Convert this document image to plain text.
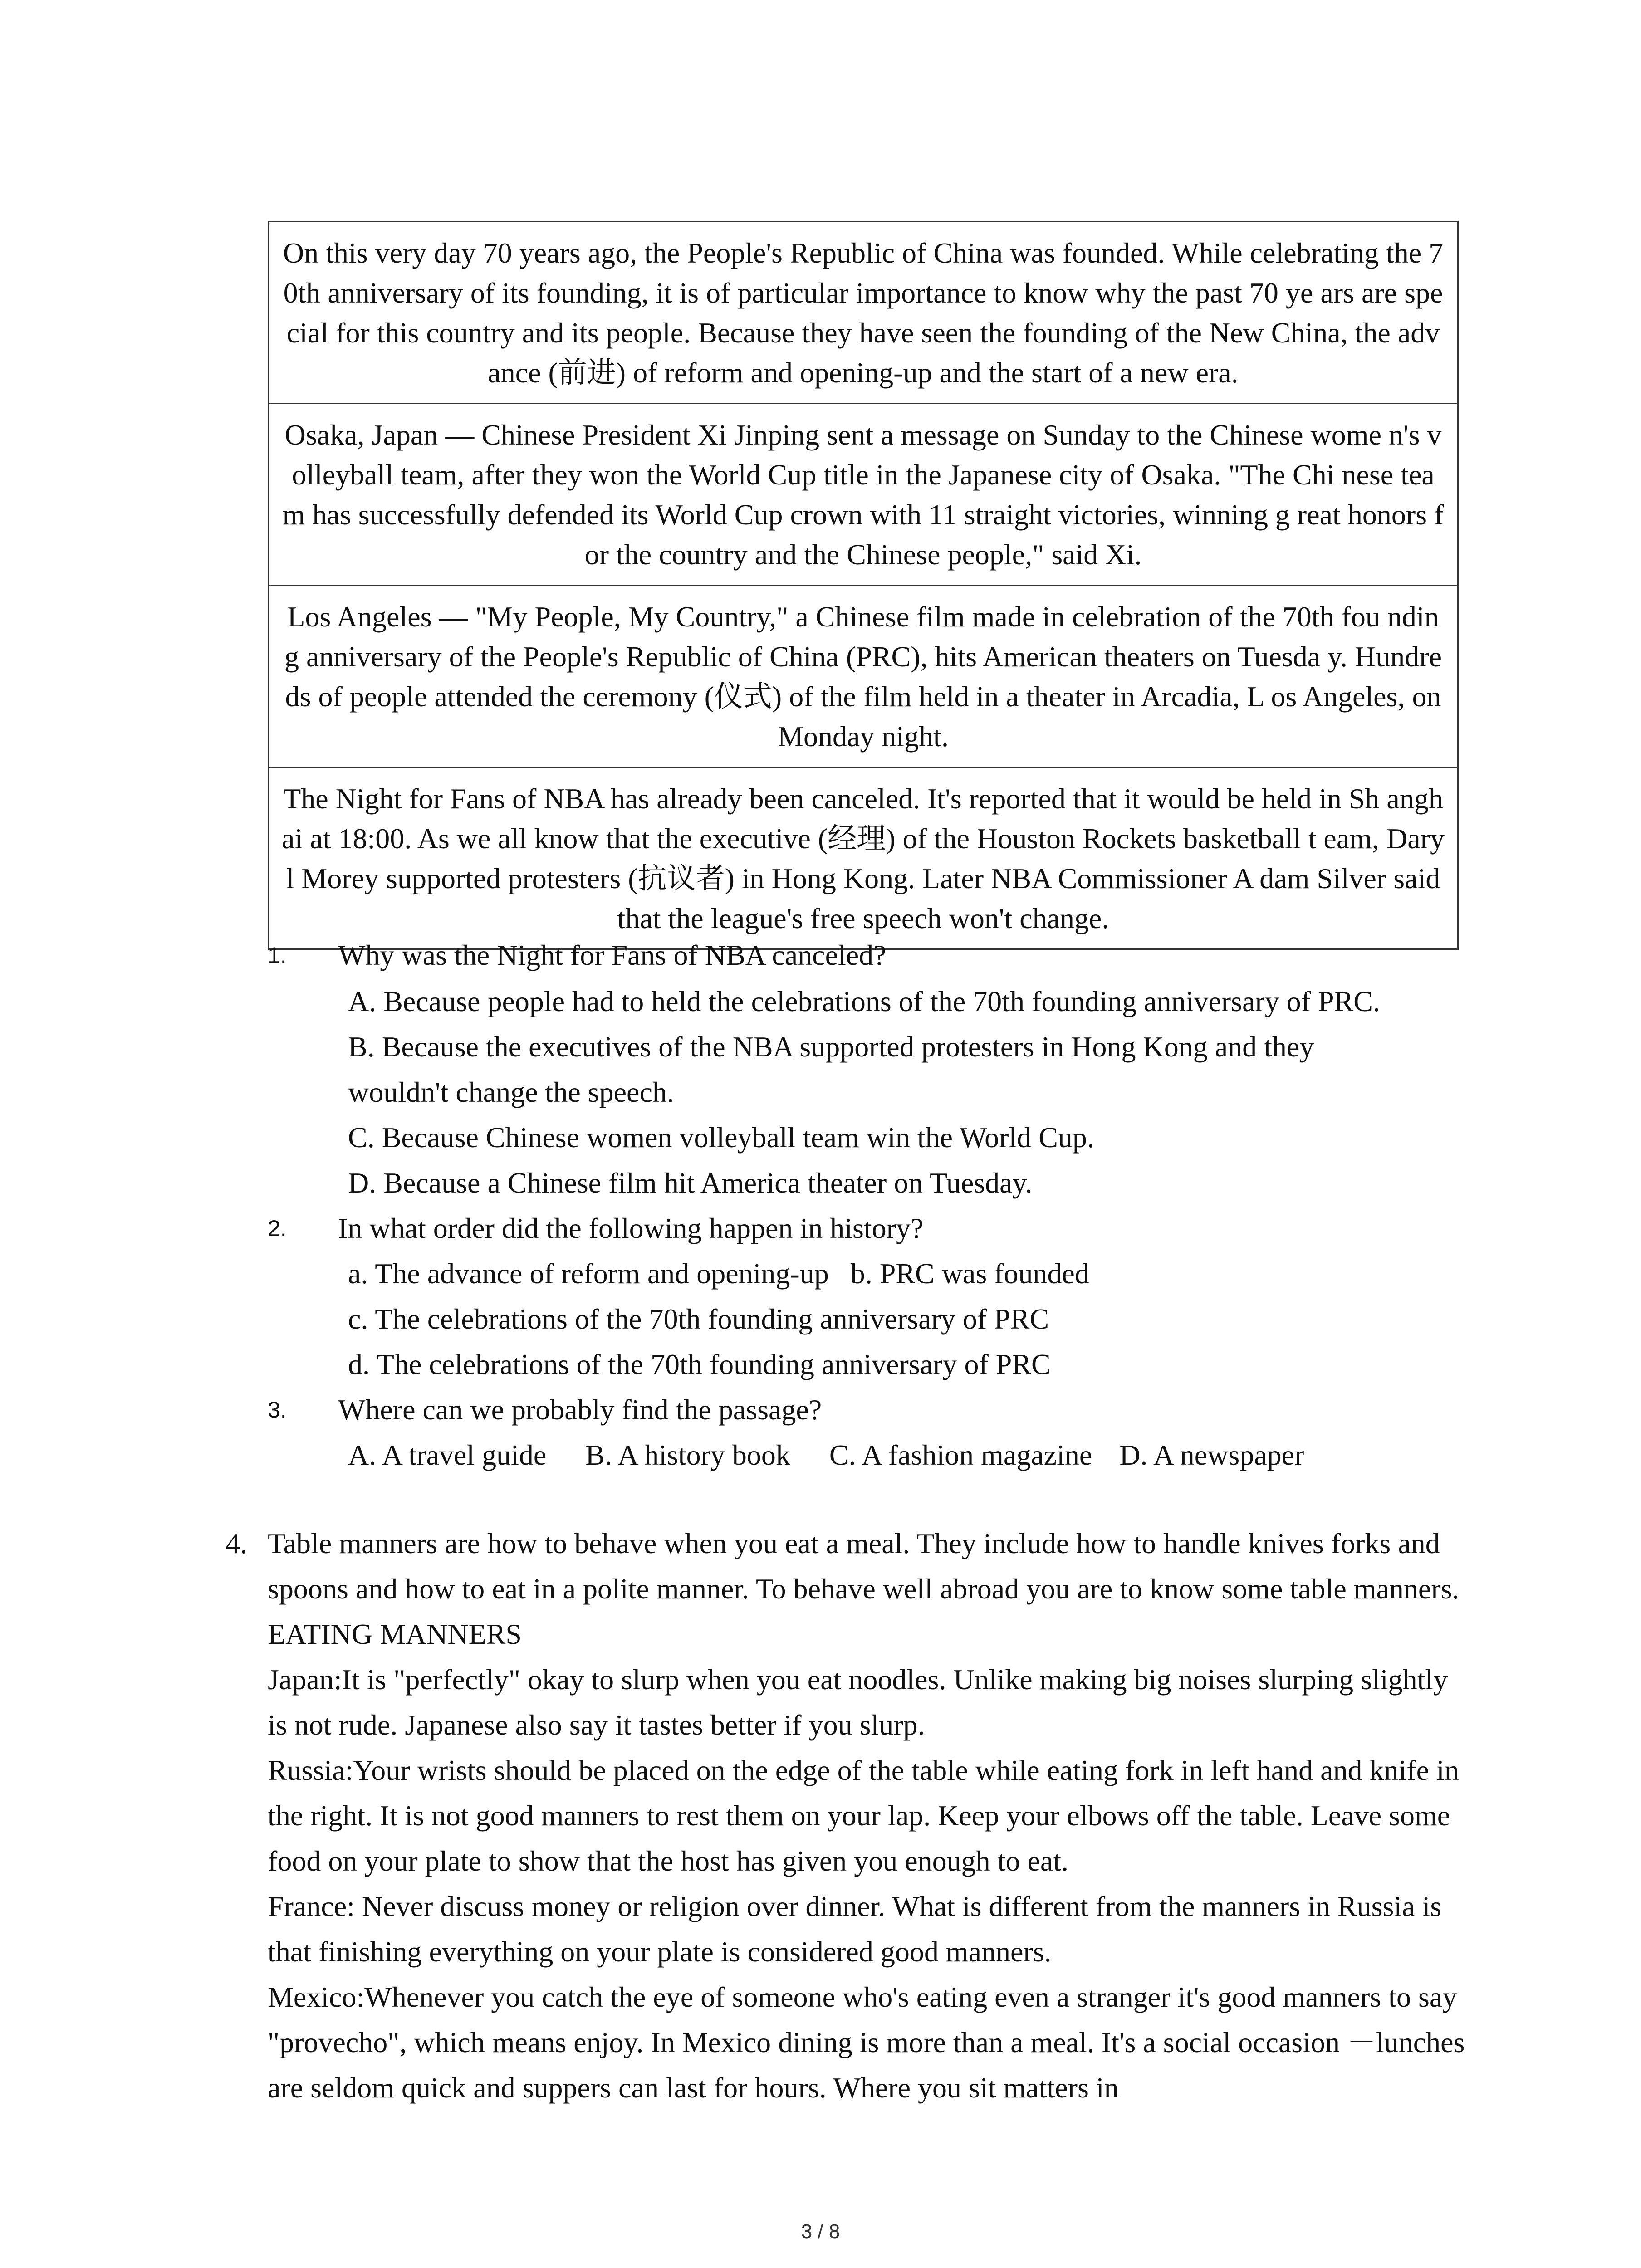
On this very day 70 years ago, the People's Republic of China was founded. While celebrating the 70th anniversary of its founding, it is of particular importance to know why the past 70 ye ars are special for this country and its people. Because they have seen the founding of the New China, the advance (前进) of reform and opening-up and the start of a new era.
Osaka, Japan — Chinese President Xi Jinping sent a message on Sunday to the Chinese wome n's volleyball team, after they won the World Cup title in the Japanese city of Osaka. "The Chi nese team has successfully defended its World Cup crown with 11 straight victories, winning g reat honors for the country and the Chinese people," said Xi.
Los Angeles — "My People, My Country," a Chinese film made in celebration of the 70th fou nding anniversary of the People's Republic of China (PRC), hits American theaters on Tuesda y. Hundreds of people attended the ceremony (仪式) of the film held in a theater in Arcadia, L os Angeles, on Monday night.
The Night for Fans of NBA has already been canceled. It's reported that it would be held in Sh anghai at 18:00. As we all know that the executive (经理) of the Houston Rockets basketball t eam, Daryl Morey supported protesters (抗议者) in Hong Kong. Later NBA Commissioner A dam Silver said that the league's free speech won't change.
1.	Why was the Night for Fans of NBA canceled?
A. Because people had to held the celebrations of the 70th founding anniversary of PRC.
B. Because the executives of the NBA supported protesters in Hong Kong and they
wouldn't change the speech.
C. Because Chinese women volleyball team win the World Cup.
D. Because a Chinese film hit America theater on Tuesday.
2.	In what order did the following happen in history?
a. The advance of reform and opening-up   b. PRC was founded
c. The celebrations of the 70th founding anniversary of PRC
d. The celebrations of the 70th founding anniversary of PRC
3.	Where can we probably find the passage?
A. A travel guide B. A history book C. A fashion magazine D. A newspaper
4. Table manners are how to behave when you eat a meal. They include how to handle knives forks and spoons and how to eat in a polite manner. To behave well abroad you are to know some table manners.
EATING MANNERS
Japan:It is "perfectly" okay to slurp when you eat noodles. Unlike making big noises slurping slightly is not rude. Japanese also say it tastes better if you slurp.
Russia:Your wrists should be placed on the edge of the table while eating fork in left hand and knife in the right. It is not good manners to rest them on your lap. Keep your elbows off the table. Leave some food on your plate to show that the host has given you enough to eat.
France: Never discuss money or religion over dinner. What is different from the manners in Russia is that finishing everything on your plate is considered good manners.
Mexico:Whenever you catch the eye of someone who's eating even a stranger it's good manners to say "provecho", which means enjoy. In Mexico dining is more than a meal. It's a social occasion －lunches are seldom quick and suppers can last for hours. Where you sit matters in
3 / 8
